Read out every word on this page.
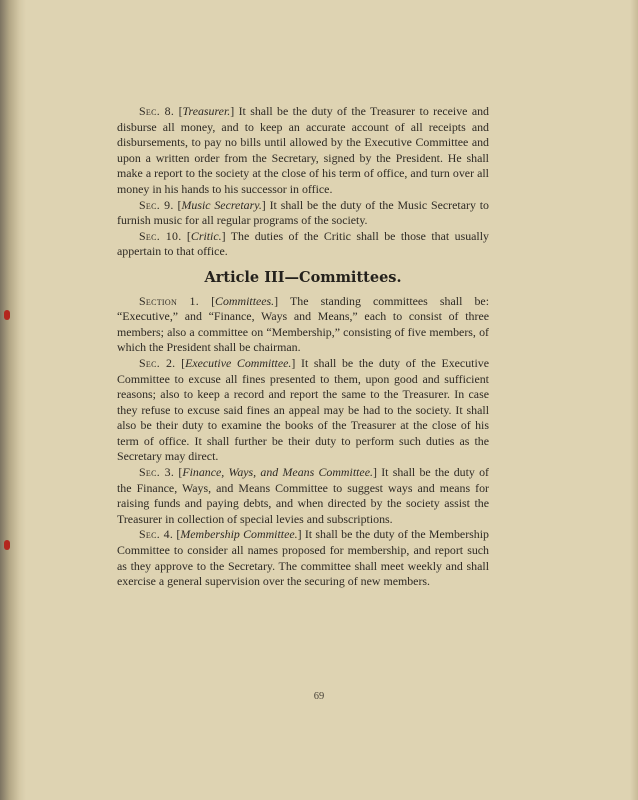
Sec. 8. [Treasurer.] It shall be the duty of the Treasurer to receive and disburse all money, and to keep an accurate account of all receipts and disbursements, to pay no bills until allowed by the Executive Committee and upon a written order from the Secretary, signed by the President. He shall make a report to the society at the close of his term of office, and turn over all money in his hands to his successor in office.

Sec. 9. [Music Secretary.] It shall be the duty of the Music Secretary to furnish music for all regular programs of the society.

Sec. 10. [Critic.] The duties of the Critic shall be those that usually appertain to that office.

Article III—Committees.

Section 1. [Committees.] The standing committees shall be: “Executive,” and “Finance, Ways and Means,” each to consist of three members; also a committee on “Membership,” consisting of five members, of which the President shall be chairman.

Sec. 2. [Executive Committee.] It shall be the duty of the Executive Committee to excuse all fines presented to them, upon good and sufficient reasons; also to keep a record and report the same to the Treasurer. In case they refuse to excuse said fines an appeal may be had to the society. It shall also be their duty to examine the books of the Treasurer at the close of his term of office. It shall further be their duty to perform such duties as the Secretary may direct.

Sec. 3. [Finance, Ways, and Means Committee.] It shall be the duty of the Finance, Ways, and Means Committee to suggest ways and means for raising funds and paying debts, and when directed by the society assist the Treasurer in collection of special levies and subscriptions.

Sec. 4. [Membership Committee.] It shall be the duty of the Membership Committee to consider all names proposed for membership, and report such as they approve to the Secretary. The committee shall meet weekly and shall exercise a general supervision over the securing of new members.

69
